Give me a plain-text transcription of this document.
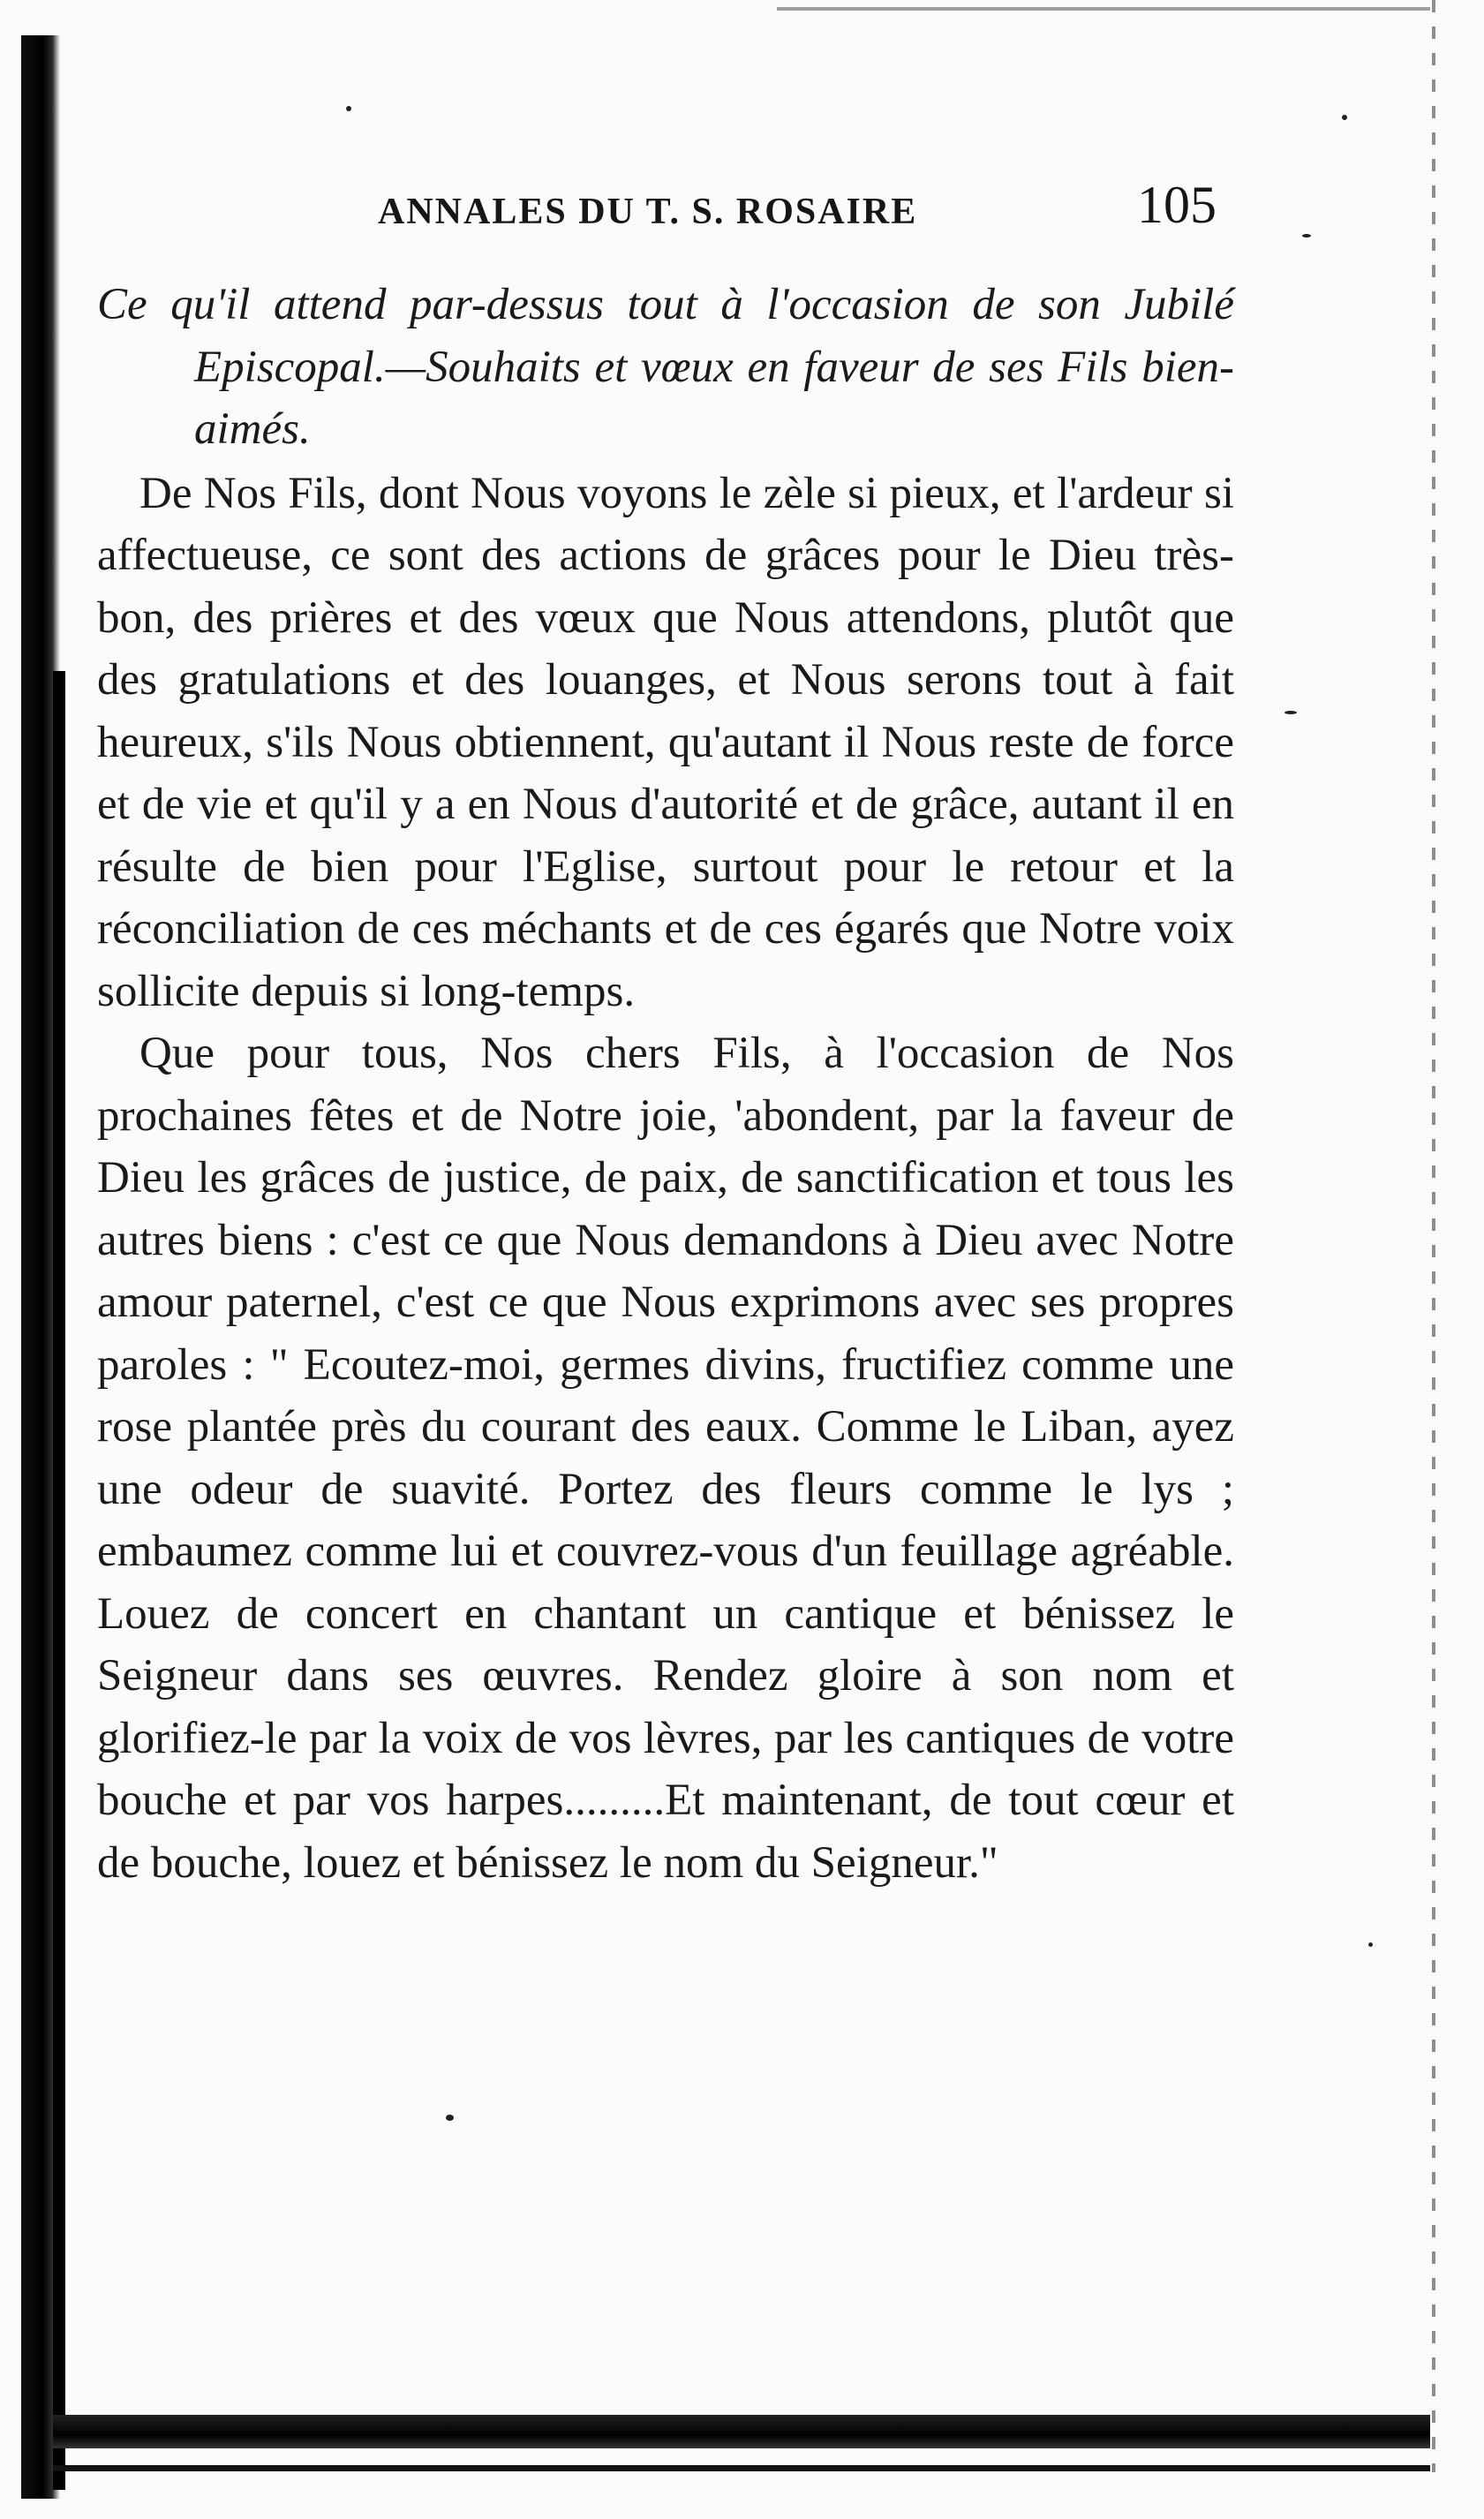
ANNALES DU T. S. ROSAIRE	105

Ce qu'il attend par-dessus tout à l'occasion de son Jubilé Episcopal.—Souhaits et vœux en faveur de ses Fils bien-aimés.

De Nos Fils, dont Nous voyons le zèle si pieux, et l'ardeur si affectueuse, ce sont des actions de grâces pour le Dieu très-bon, des prières et des vœux que Nous attendons, plutôt que des gratulations et des louanges, et Nous serons tout à fait heureux, s'ils Nous obtiennent, qu'autant il Nous reste de force et de vie et qu'il y a en Nous d'autorité et de grâce, autant il en résulte de bien pour l'Eglise, surtout pour le retour et la réconciliation de ces méchants et de ces égarés que Notre voix sollicite depuis si long-temps.

Que pour tous, Nos chers Fils, à l'occasion de Nos prochaines fêtes et de Notre joie, 'abondent, par la faveur de Dieu les grâces de justice, de paix, de sanctification et tous les autres biens : c'est ce que Nous demandons à Dieu avec Notre amour paternel, c'est ce que Nous exprimons avec ses propres paroles : " Ecoutez-moi, germes divins, fructifiez comme une rose plantée près du courant des eaux. Comme le Liban, ayez une odeur de suavité. Portez des fleurs comme le lys ; embaumez comme lui et couvrez-vous d'un feuillage agréable. Louez de concert en chantant un cantique et bénissez le Seigneur dans ses œuvres. Rendez gloire à son nom et glorifiez-le par la voix de vos lèvres, par les cantiques de votre bouche et par vos harpes.........Et maintenant, de tout cœur et de bouche, louez et bénissez le nom du Seigneur."
